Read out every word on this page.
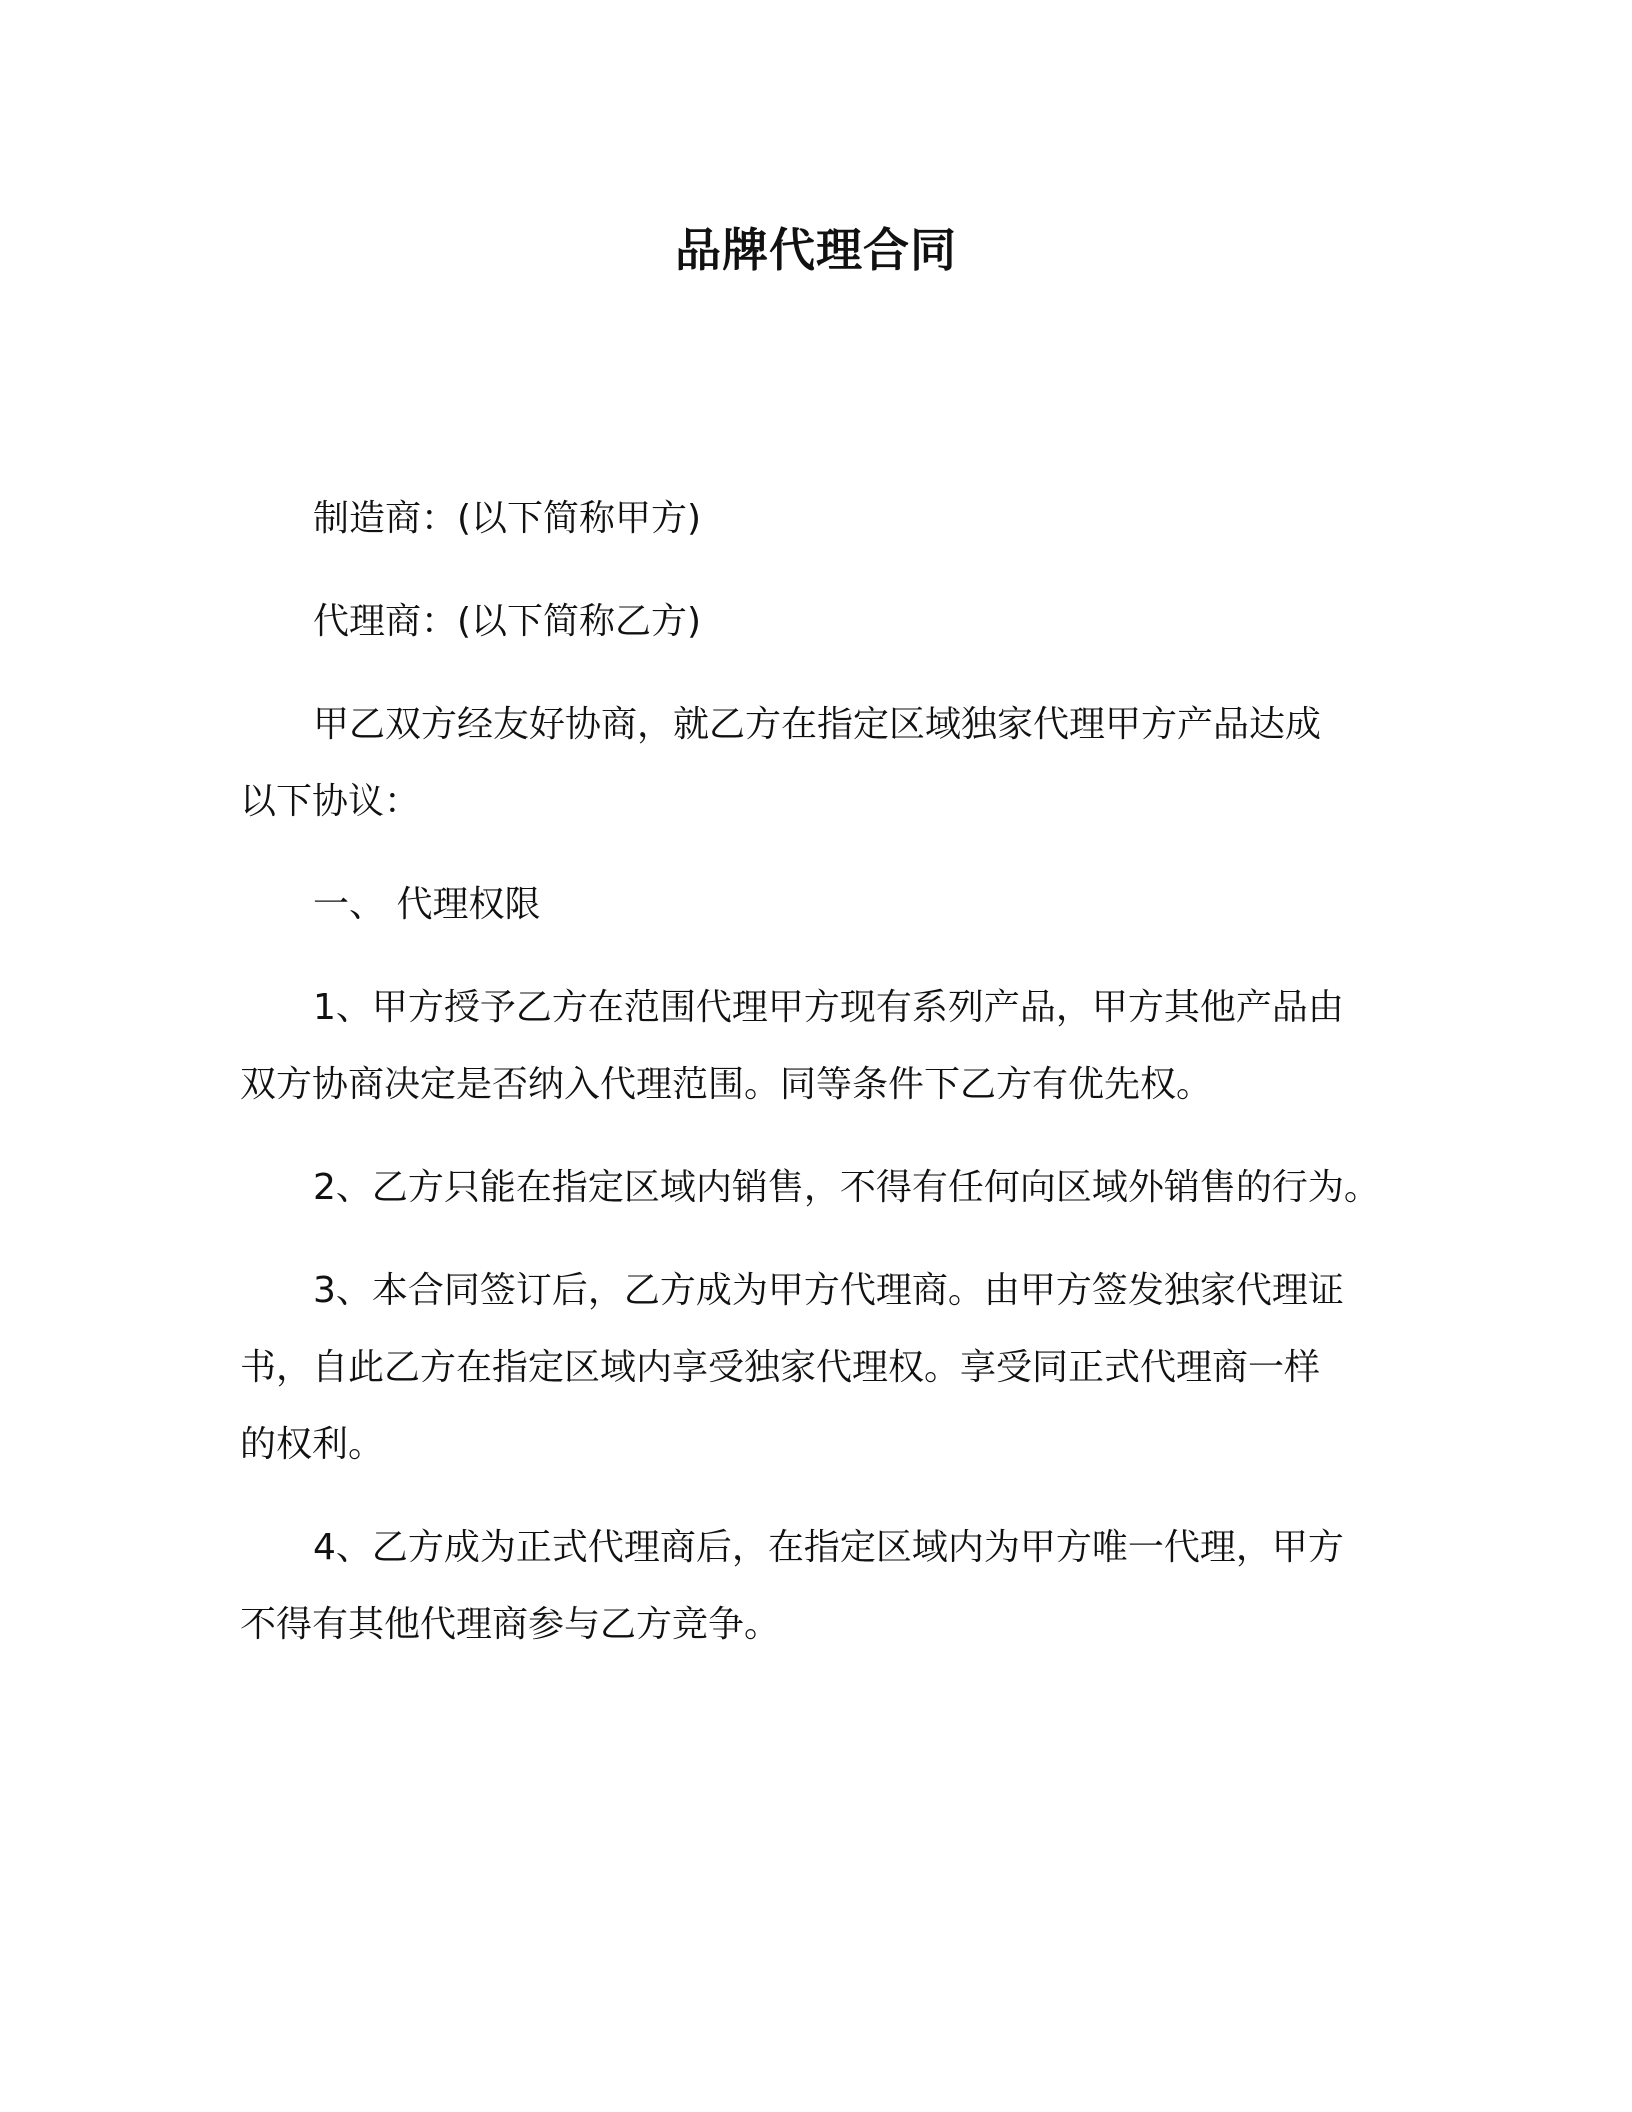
品牌代理合同
制造商：(以下简称甲方)
代理商：(以下简称乙方)
甲乙双方经友好协商，就乙方在指定区域独家代理甲方产品达成
以下协议：
一、 代理权限
1、甲方授予乙方在范围代理甲方现有系列产品，甲方其他产品由
双方协商决定是否纳入代理范围。同等条件下乙方有优先权。
2、乙方只能在指定区域内销售，不得有任何向区域外销售的行为。
3、本合同签订后，乙方成为甲方代理商。由甲方签发独家代理证
书，自此乙方在指定区域内享受独家代理权。享受同正式代理商一样
的权利。
4、乙方成为正式代理商后，在指定区域内为甲方唯一代理，甲方
不得有其他代理商参与乙方竞争。
